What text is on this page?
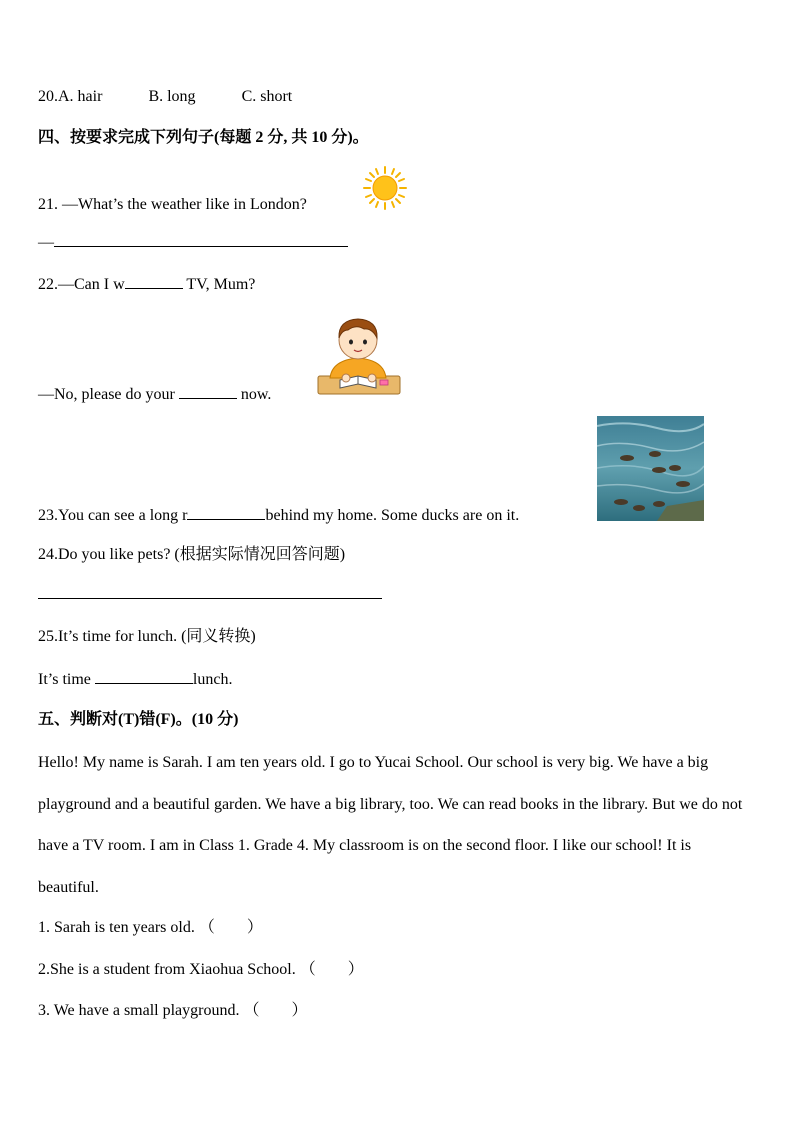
20.A. hair	B. long	C. short
四、按要求完成下列句子(每题 2 分, 共 10 分)。
21. —What’s the weather like in London?
—
22.—Can I w	TV, Mum?
—No, please do your	now.
23.You can see a long r	behind my home. Some ducks are on it.
24.Do you like pets? (根据实际情况回答问题)
25.It’s time for lunch. (同义转换)
It’s time	lunch.
五、判断对(T)错(F)。(10 分)
Hello! My name is Sarah. I am ten years old. I go to Yucai School. Our school is very big. We have a big playground and a beautiful garden. We have a big library, too. We can read books in the library. But we do not have a TV room. I am in Class 1. Grade 4. My classroom is on the second floor. I like our school! It is beautiful.
1. Sarah is ten years old. （　　）
2.She is a student from Xiaohua School. （　　）
3. We have a small playground. （　　）
